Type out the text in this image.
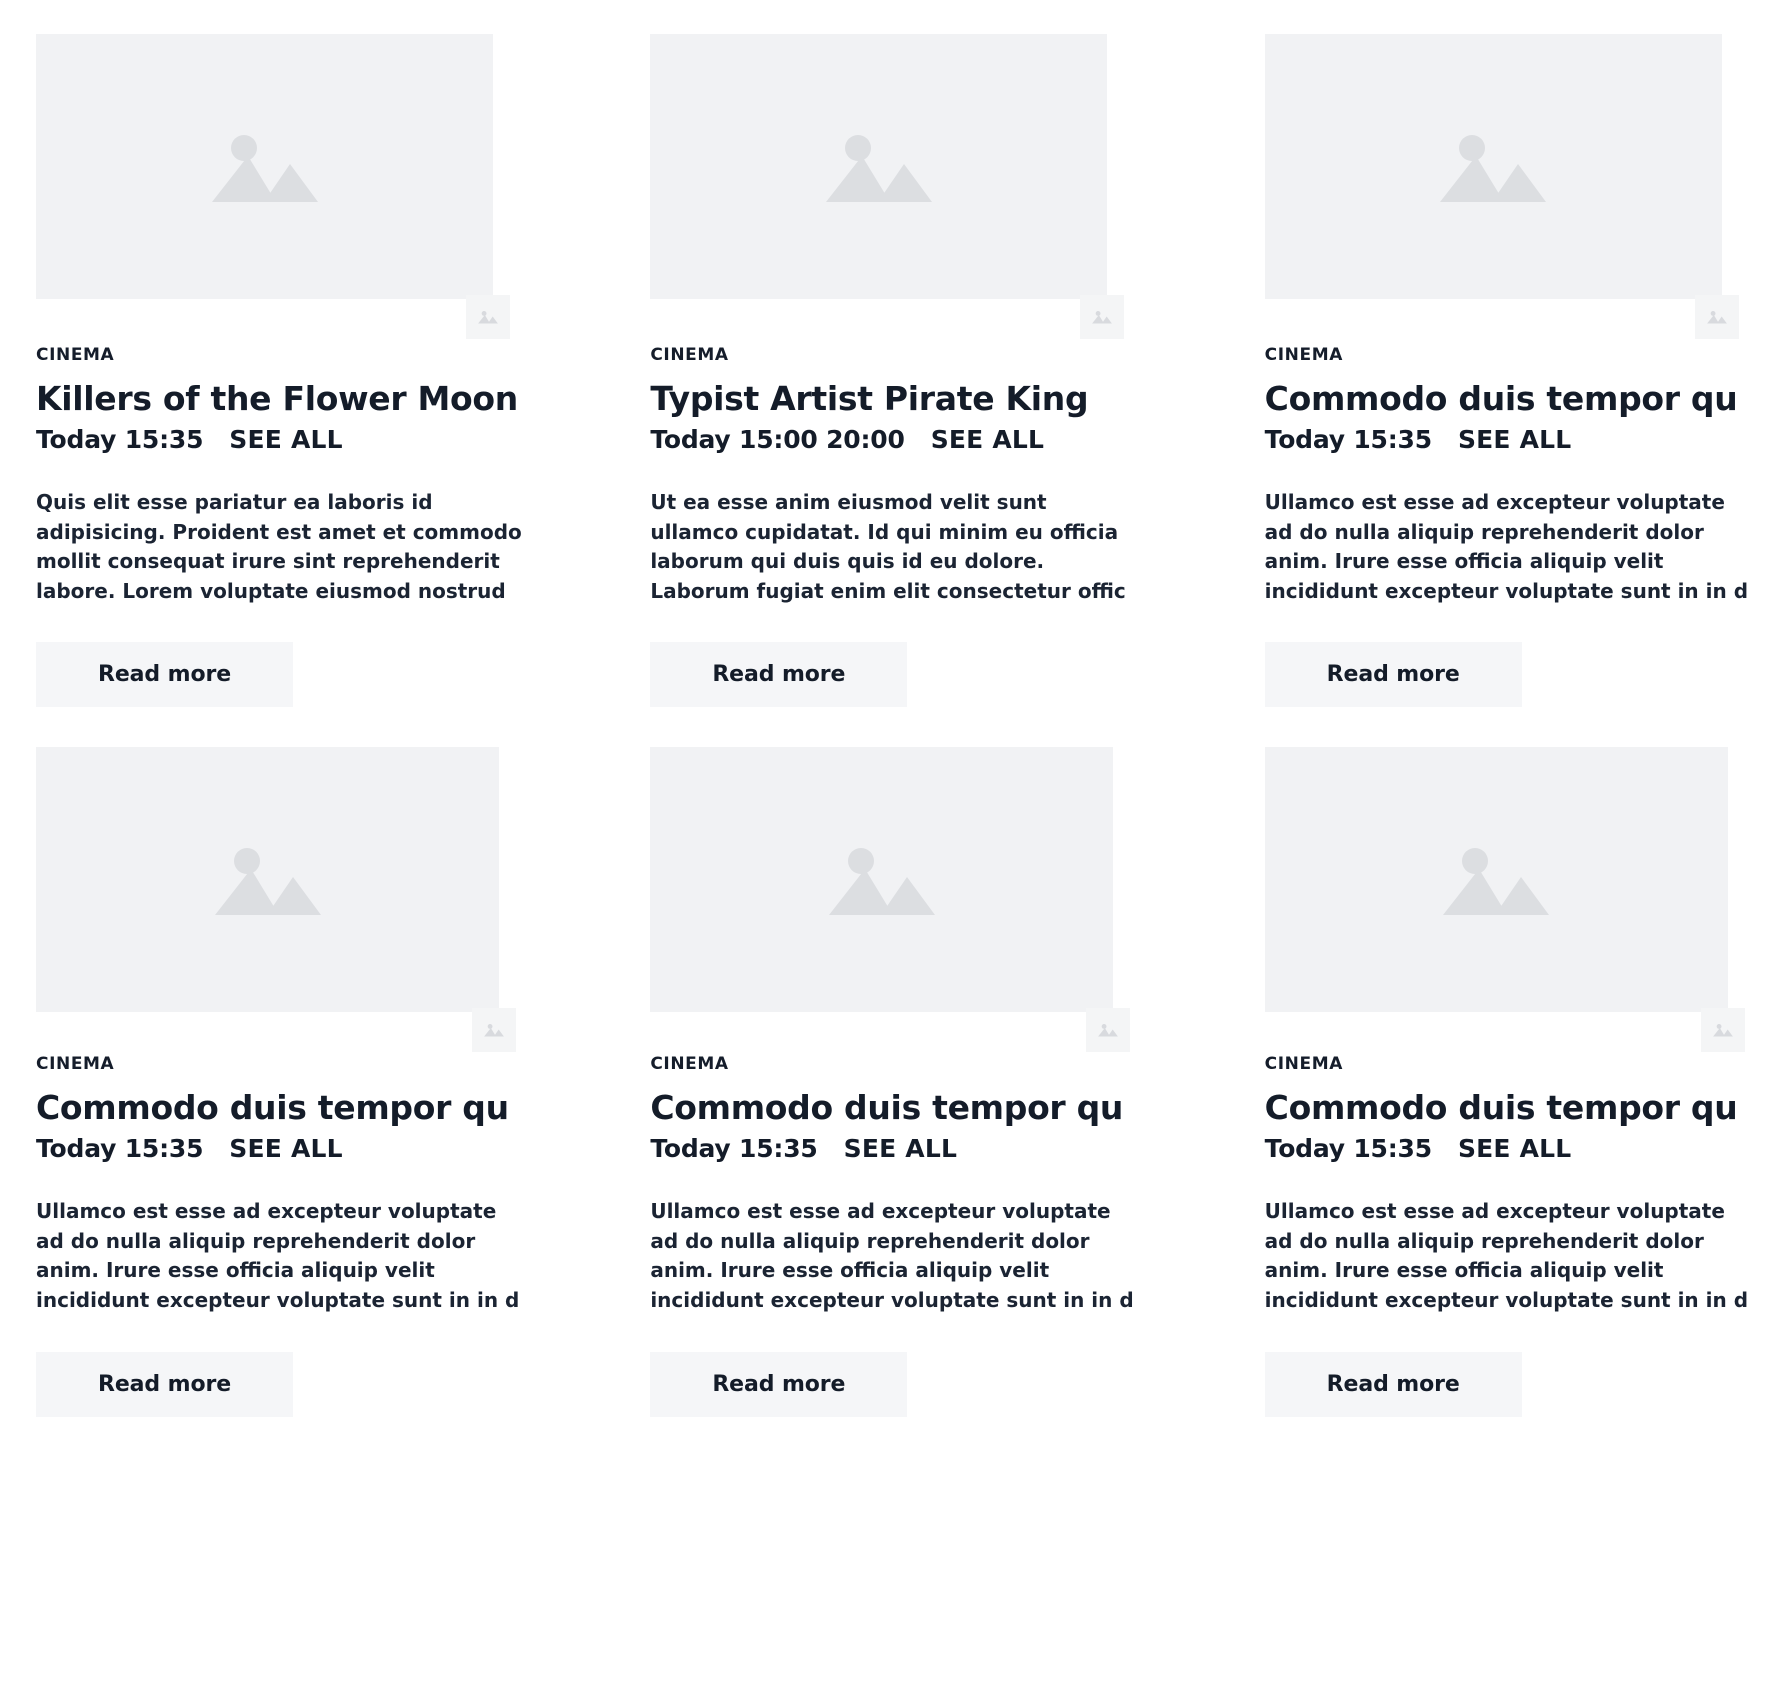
CINEMA
Killers of the Flower Moon
Today 15:35 SEE ALL

Quis elit esse pariatur ea laboris id adipisicing. Proident est amet et commodo mollit consequat irure sint reprehenderit labore. Lorem voluptate eiusmod nostrud

Read more
CINEMA
Typist Artist Pirate King
Today 15:00 20:00 SEE ALL

Ut ea esse anim eiusmod velit sunt ullamco cupidatat. Id qui minim eu officia laborum qui duis quis id eu dolore. Laborum fugiat enim elit consectetur offic

Read more
CINEMA
Commodo duis tempor qu
Today 15:35 SEE ALL

Ullamco est esse ad excepteur voluptate ad do nulla aliquip reprehenderit dolor anim. Irure esse officia aliquip velit incididunt excepteur voluptate sunt in in d

Read more
CINEMA
Commodo duis tempor qu
Today 15:35 SEE ALL

Ullamco est esse ad excepteur voluptate ad do nulla aliquip reprehenderit dolor anim. Irure esse officia aliquip velit incididunt excepteur voluptate sunt in in d

Read more
CINEMA
Commodo duis tempor qu
Today 15:35 SEE ALL

Ullamco est esse ad excepteur voluptate ad do nulla aliquip reprehenderit dolor anim. Irure esse officia aliquip velit incididunt excepteur voluptate sunt in in d

Read more
CINEMA
Commodo duis tempor qu
Today 15:35 SEE ALL

Ullamco est esse ad excepteur voluptate ad do nulla aliquip reprehenderit dolor anim. Irure esse officia aliquip velit incididunt excepteur voluptate sunt in in d

Read more
